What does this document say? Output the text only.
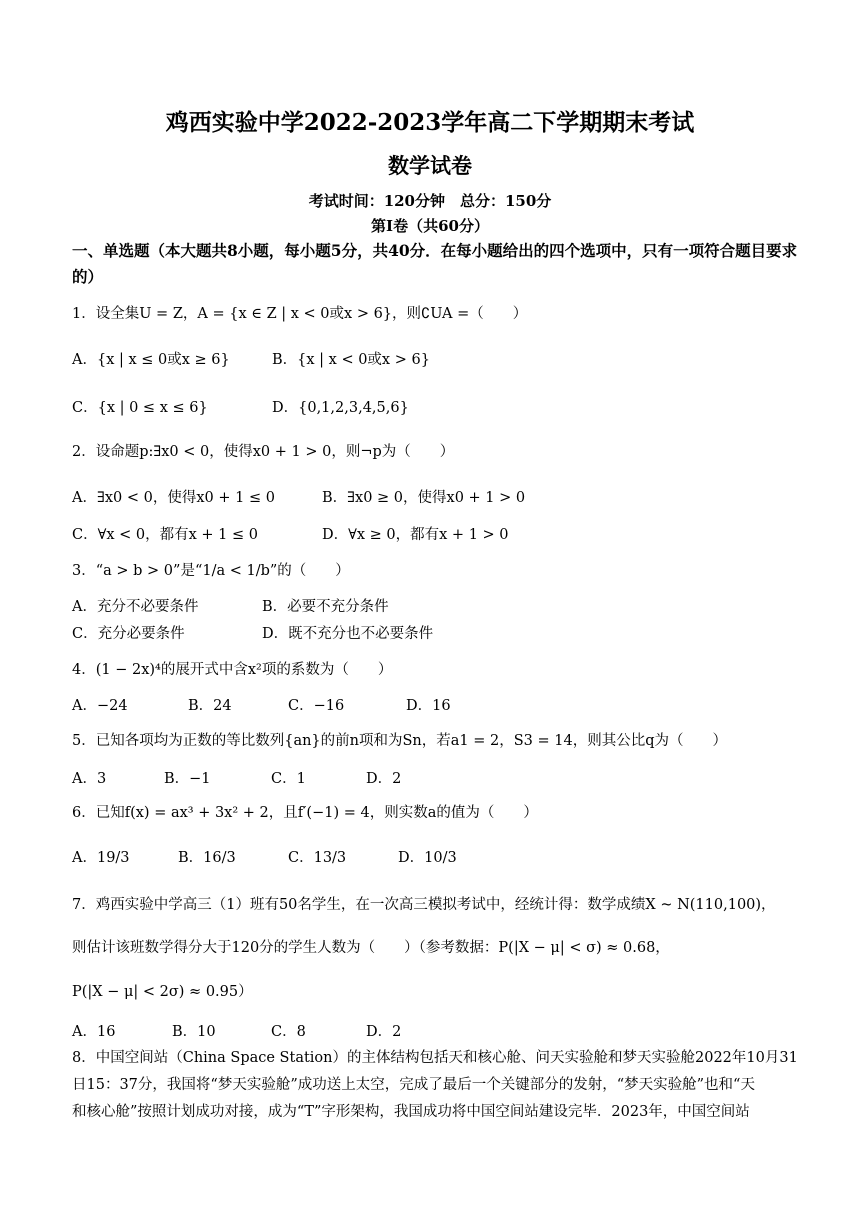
鸡西实验中学2022-2023学年高二下学期期末考试
数学试卷
考试时间：120分钟　总分：150分
第I卷（共60分）
一、单选题（本大题共8小题，每小题5分，共40分．在每小题给出的四个选项中，只有一项符合题目要求的）
1．设全集U = Z，A = {x ∈ Z | x < 0或x > 6}，则∁UA =（　　）
A．{x | x ≤ 0或x ≥ 6}	B．{x | x < 0或x > 6}
C．{x | 0 ≤ x ≤ 6}	D．{0,1,2,3,4,5,6}
2．设命题p:∃x0 < 0，使得x0 + 1 > 0，则¬p为（　　）
A．∃x0 < 0，使得x0 + 1 ≤ 0	B．∃x0 ≥ 0，使得x0 + 1 > 0
C．∀x < 0，都有x + 1 ≤ 0	D．∀x ≥ 0，都有x + 1 > 0
3．“a > b > 0”是“1/a < 1/b”的（　　）
A．充分不必要条件	B．必要不充分条件
C．充分必要条件	D．既不充分也不必要条件
4．(1 − 2x)⁴的展开式中含x²项的系数为（　　）
A．−24	B．24	C．−16	D．16
5．已知各项均为正数的等比数列{an}的前n项和为Sn，若a1 = 2，S3 = 14，则其公比q为（　　）
A．3	B．−1	C．1	D．2
6．已知f(x) = ax³ + 3x² + 2，且f′(−1) = 4，则实数a的值为（　　）
A．19/3	B．16/3	C．13/3	D．10/3
7．鸡西实验中学高三（1）班有50名学生，在一次高三模拟考试中，经统计得：数学成绩X ~ N(110,100)，
则估计该班数学得分大于120分的学生人数为（　　）（参考数据：P(|X − μ| < σ) ≈ 0.68，
P(|X − μ| < 2σ) ≈ 0.95）
A．16	B．10	C．8	D．2
8．中国空间站（China Space Station）的主体结构包括天和核心舱、问天实验舱和梦天实验舱2022年10月31
日15：37分，我国将“梦天实验舱”成功送上太空，完成了最后一个关键部分的发射，“梦天实验舱”也和“天
和核心舱”按照计划成功对接，成为“T”字形架构，我国成功将中国空间站建设完毕．2023年，中国空间站
